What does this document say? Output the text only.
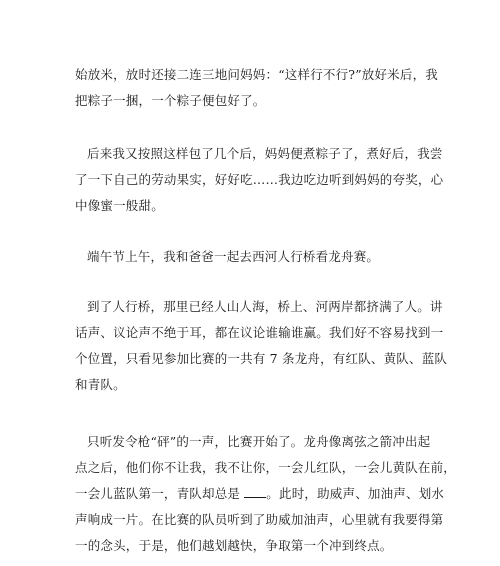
始放米，放时还接二连三地问妈妈：“这样行不行?”放好米后，我
把粽子一捆，一个粽子便包好了。

后来我又按照这样包了几个后，妈妈便煮粽子了，煮好后，我尝
了一下自己的劳动果实，好好吃……我边吃边听到妈妈的夸奖，心
中像蜜一般甜。

端午节上午，我和爸爸一起去西河人行桥看龙舟赛。

到了人行桥，那里已经人山人海，桥上、河两岸都挤满了人。讲
话声、议论声不绝于耳，都在议论谁输谁赢。我们好不容易找到一
个位置，只看见参加比赛的一共有 7 条龙舟，有红队、黄队、蓝队
和青队。

只听发令枪“砰”的一声，比赛开始了。龙舟像离弦之箭冲出起
点之后，他们你不让我，我不让你，一会儿红队，一会儿黄队在前，
一会儿蓝队第一，青队却总是 。此时，助威声、加油声、划水
声响成一片。在比赛的队员听到了助威加油声，心里就有我要得第
一的念头，于是，他们越划越快，争取第一个冲到终点。
